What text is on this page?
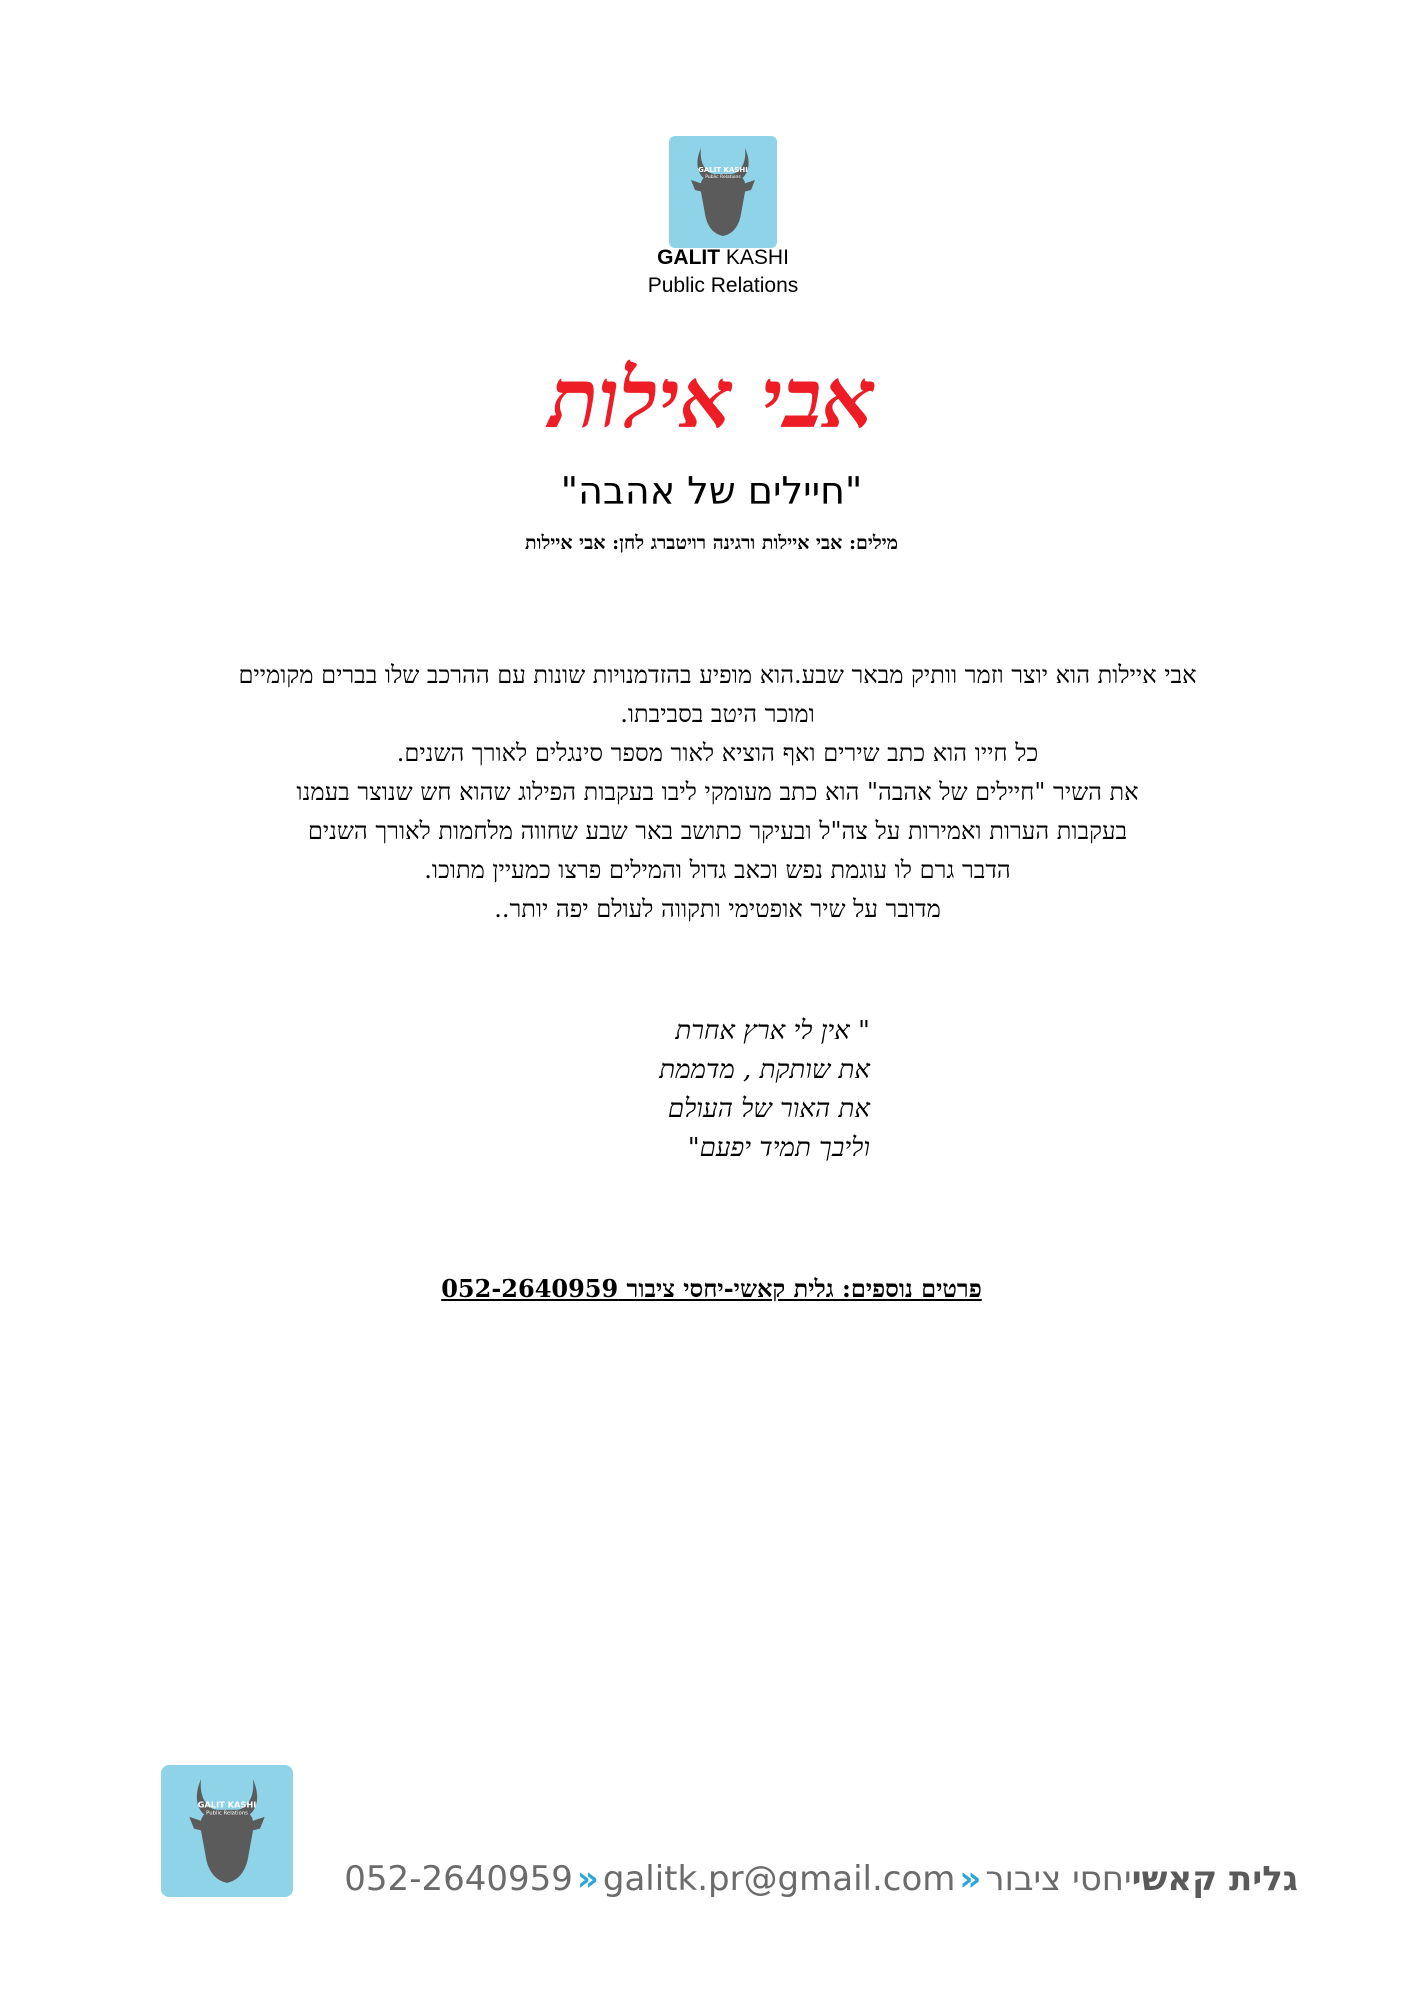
GALIT KASHI
Public Relations
GALIT KASHI
Public Relations
אבי אילות
"חיילים של אהבה"
מילים: אבי איילות ורגינה רויטברג לחן: אבי איילות

אבי איילות הוא יוצר וזמר וותיק מבאר שבע.הוא מופיע בהזדמנויות שונות עם ההרכב שלו בברים מקומיים

ומוכר היטב בסביבתו.

כל חייו הוא כתב שירים ואף הוציא לאור מספר סינגלים לאורך השנים.

את השיר "חיילים של אהבה" הוא כתב מעומקי ליבו בעקבות הפילוג שהוא חש שנוצר בעמנו

בעקבות הערות ואמירות על צה"ל ובעיקר כתושב באר שבע שחווה מלחמות לאורך השנים

הדבר גרם לו עוגמת נפש וכאב גדול והמילים פרצו כמעיין מתוכו.

מדובר על שיר אופטימי ותקווה לעולם יפה יותר..

" אין לי ארץ אחרת

את שותקת , מדממת

את האור של העולם

וליבך תמיד יפעם"

פרטים נוספים: גלית קאשי-יחסי ציבור 052-2640959
GALIT KASHI
Public Relations
גלית קאשי
יחסי ציבור
«
galitk.pr@gmail.com
«
052-2640959
